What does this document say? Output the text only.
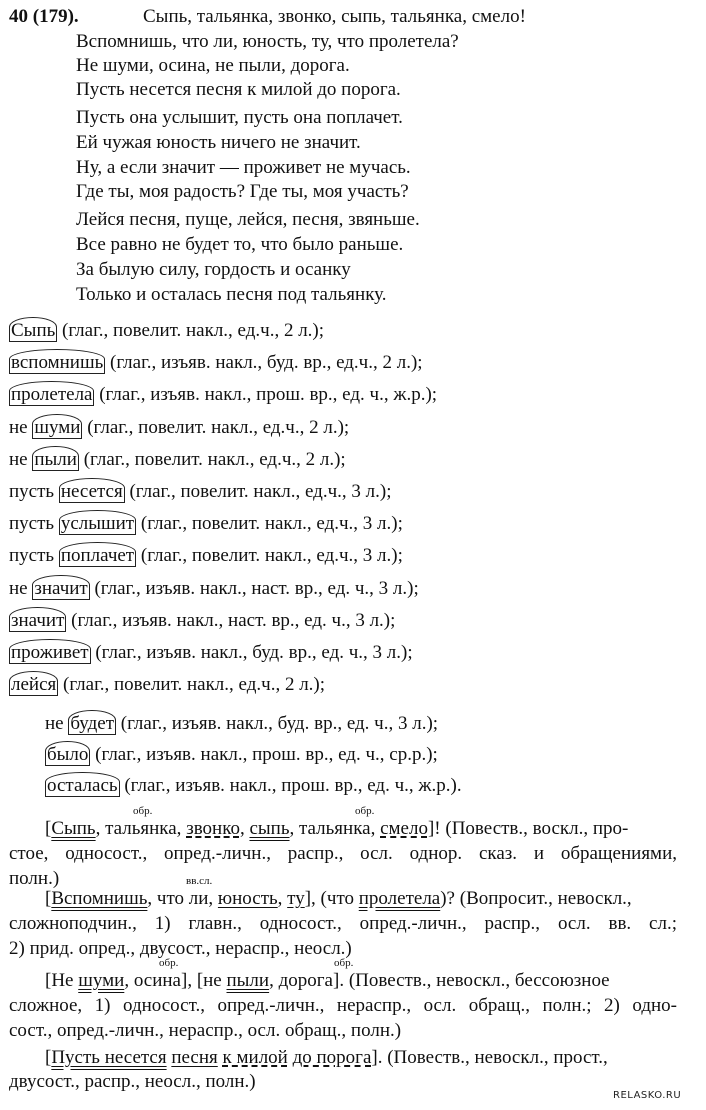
40 (179).	Сыпь, тальянка, звонко, сыпь, тальянка, смело!
Вспомнишь, что ли, юность, ту, что пролетела?
Не шуми, осина, не пыли, дорога.
Пусть несется песня к милой до порога.
Пусть она услышит, пусть она поплачет.
Ей чужая юность ничего не значит.
Ну, а если значит — проживет не мучась.
Где ты, моя радость? Где ты, моя участь?
Лейся песня, пуще, лейся, песня, звяньше.
Все равно не будет то, что было раньше.
За былую силу, гордость и осанку
Только и осталась песня под тальянку.
Сыпь (глаг., повелит. накл., ед.ч., 2 л.);
вспомнишь (глаг., изъяв. накл., буд. вр., ед.ч., 2 л.);
пролетела (глаг., изъяв. накл., прош. вр., ед. ч., ж.р.);
не шуми (глаг., повелит. накл., ед.ч., 2 л.);
не пыли (глаг., повелит. накл., ед.ч., 2 л.);
пусть несется (глаг., повелит. накл., ед.ч., 3 л.);
пусть услышит (глаг., повелит. накл., ед.ч., 3 л.);
пусть поплачет (глаг., повелит. накл., ед.ч., 3 л.);
не значит (глаг., изъяв. накл., наст. вр., ед. ч., 3 л.);
значит (глаг., изъяв. накл., наст. вр., ед. ч., 3 л.);
проживет (глаг., изъяв. накл., буд. вр., ед. ч., 3 л.);
лейся (глаг., повелит. накл., ед.ч., 2 л.);
не будет (глаг., изъяв. накл., буд. вр., ед. ч., 3 л.);
было (глаг., изъяв. накл., прош. вр., ед. ч., ср.р.);
осталась (глаг., изъяв. накл., прош. вр., ед. ч., ж.р.).
обр.	обр.
[Сыпь, тальянка, звонко, сыпь, тальянка, смело]! (Повеств., воскл., про-
стое, односост., опред.-личн., распр., осл. однор. сказ. и обращениями,
полн.)	вв.сл.
[Вспомнишь, что ли, юность, ту], (что пролетела)? (Вопросит., невоскл.,
сложноподчин., 1) главн., односост., опред.-личн., распр., осл. вв. сл.;
2) прид. опред., двусост., нераспр., неосл.)
обр.	обр.
[Не шуми, осина], [не пыли, дорога]. (Повеств., невоскл., бессоюзное
сложное, 1) односост., опред.-личн., нераспр., осл. обращ., полн.; 2) одно-
сост., опред.-личн., нераспр., осл. обращ., полн.)
[Пусть несется песня к милой до порога]. (Повеств., невоскл., прост.,
двусост., распр., неосл., полн.)
RELASKO.RU
